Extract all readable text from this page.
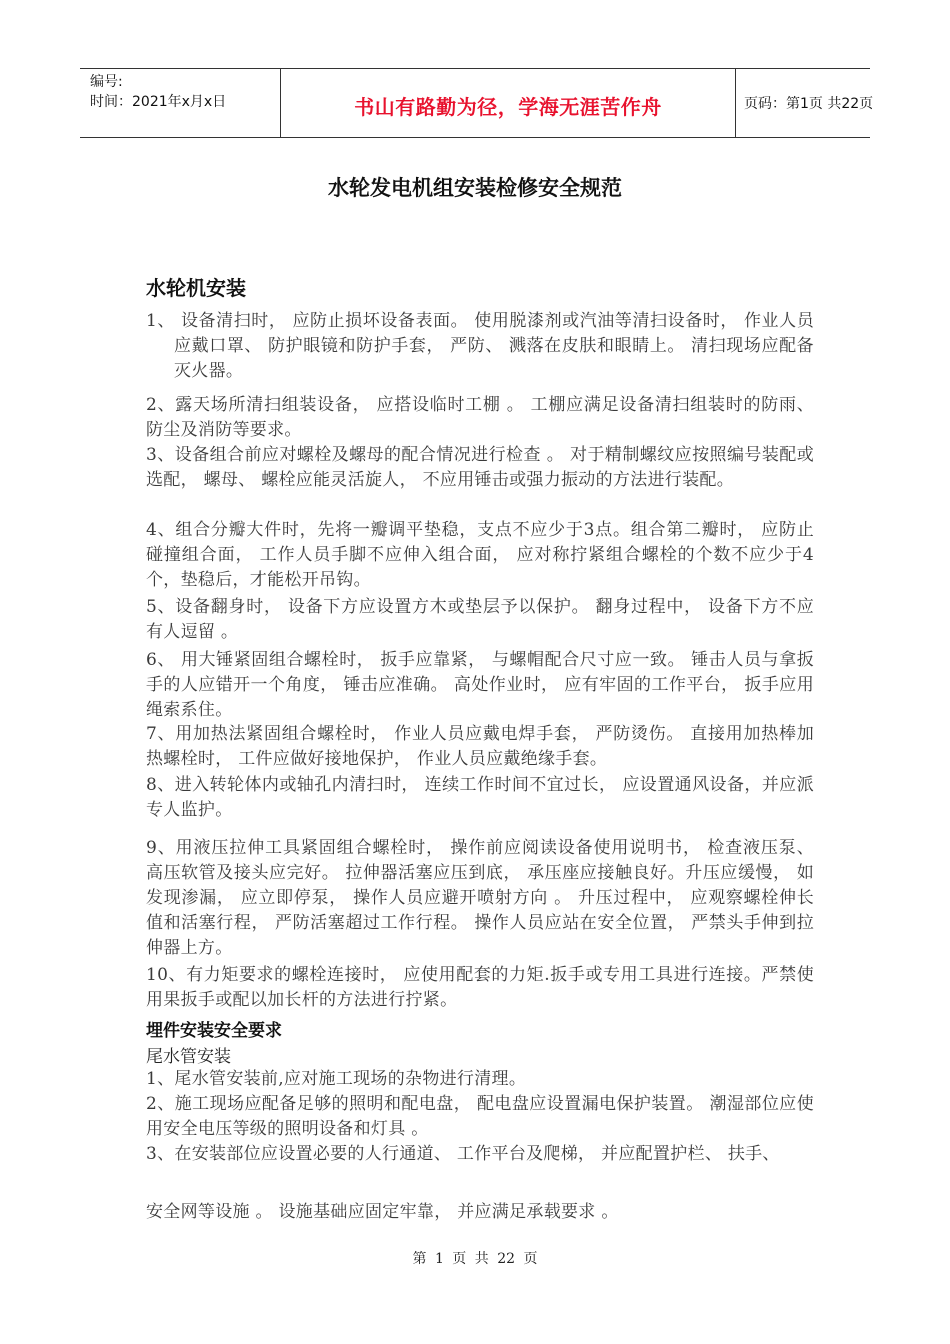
编号:
时间：2021年x月x日	书山有路勤为径，学海无涯苦作舟	页码：第1页 共22页
水轮发电机组安装检修安全规范
水轮机安装
1、 设备清扫时， 应防止损坏设备表面。 使用脱漆剂或汽油等清扫设备时， 作业人员应戴口罩、 防护眼镜和防护手套， 严防、 溅落在皮肤和眼睛上。 清扫现场应配备灭火器。
2、露天场所清扫组装设备， 应搭设临时工棚 。 工棚应满足设备清扫组装时的防雨、 防尘及消防等要求。
3、设备组合前应对螺栓及螺母的配合情况进行检查 。 对于精制螺纹应按照编号装配或选配， 螺母、 螺栓应能灵活旋人， 不应用锤击或强力振动的方法进行装配。
4、组合分瓣大件时，先将一瓣调平垫稳，支点不应少于3点。组合第二瓣时， 应防止碰撞组合面， 工作人员手脚不应伸入组合面， 应对称拧紧组合螺栓的个数不应少于4个，垫稳后，才能松开吊钩。
5、设备翻身时， 设备下方应设置方木或垫层予以保护。 翻身过程中， 设备下方不应有人逗留 。
6、 用大锤紧固组合螺栓时， 扳手应靠紧， 与螺帽配合尺寸应一致。 锤击人员与拿扳手的人应错开一个角度， 锤击应准确。 高处作业时， 应有牢固的工作平台， 扳手应用绳索系住。
7、用加热法紧固组合螺栓时， 作业人员应戴电焊手套， 严防烫伤。 直接用加热棒加热螺栓时， 工件应做好接地保护， 作业人员应戴绝缘手套。
8、进入转轮体内或轴孔内清扫时， 连续工作时间不宜过长， 应设置通风设备，并应派专人监护。
9、用液压拉伸工具紧固组合螺栓时， 操作前应阅读设备使用说明书， 检查液压泵、 高压软管及接头应完好。 拉伸器活塞应压到底， 承压座应接触良好。升压应缓慢， 如发现渗漏， 应立即停泵， 操作人员应避开喷射方向 。 升压过程中， 应观察螺栓伸长值和活塞行程， 严防活塞超过工作行程。 操作人员应站在安全位置， 严禁头手伸到拉伸器上方。
10、有力矩要求的螺栓连接时， 应使用配套的力矩.扳手或专用工具进行连接。严禁使用果扳手或配以加长杆的方法进行拧紧。
埋件安装安全要求
尾水管安装
1、尾水管安装前,应对施工现场的杂物进行清理。
2、施工现场应配备足够的照明和配电盘， 配电盘应设置漏电保护装置。 潮湿部位应使用安全电压等级的照明设备和灯具 。
3、在安装部位应设置必要的人行通道、 工作平台及爬梯， 并应配置护栏、 扶手、
安全网等设施 。 设施基础应固定牢靠， 并应满足承载要求 。
第 1 页 共 22 页
